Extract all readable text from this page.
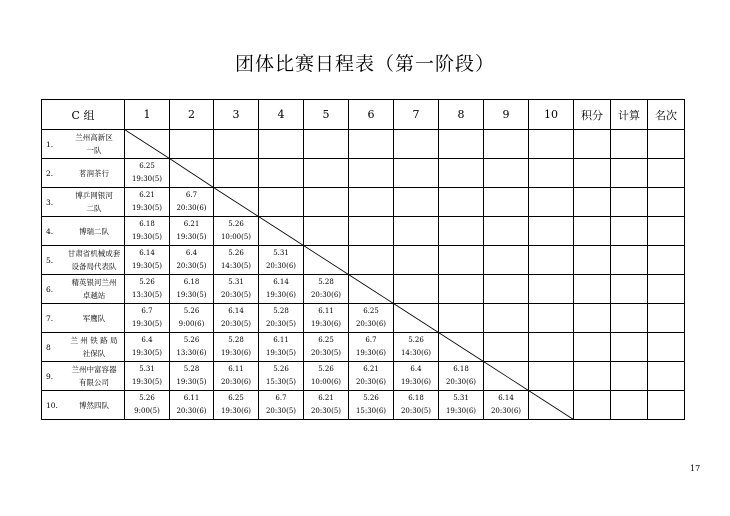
团体比赛日程表（第一阶段）
C 组	1	2	3	4	5	6	7	8	9	10	积分	计算	名次

1.
兰州高新区
一队													

2. 茗润茶行	6.25
19:30(5)												

3.
博乒网银河
二队	6.21
19:30(5)	6.7
20:30(6)											

4. 博瑞二队	6.18
19:30(5)	6.21
19:30(5)	5.26
10:00(5)										

5.
甘肃省机械成套
设备局代表队	6.14
19:30(5)	6.4
20:30(5)	5.26
14:30(5)	5.31
20:30(6)									

6.
精英银河兰州
卓越站	5.26
13:30(5)	6.18
19:30(5)	5.31
20:30(5)	6.14
19:30(6)	5.28
20:30(6)								

7. 军鹰队	6.7
19:30(5)	5.26
9:00(6)	6.14
20:30(5)	5.28
20:30(5)	6.11
19:30(6)	6.25
20:30(6)							

8
兰 州 铁 路 局
社保队	6.4
19:30(5)	5.26
13:30(6)	5.28
19:30(6)	6.11
19:30(5)	6.25
20:30(5)	6.7
19:30(6)	5.26
14:30(6)						

9.
兰州中富容器
有限公司	5.31
19:30(5)	5.28
19:30(5)	6.11
20:30(6)	5.26
15:30(5)	5.26
10:00(6)	6.21
20:30(6)	6.4
19:30(6)	6.18
20:30(6)					

10. 博然四队	5.26
9:00(5)	6.11
20:30(6)	6.25
19:30(6)	6.7
20:30(5)	6.21
20:30(5)	5.26
15:30(6)	6.18
20:30(5)	5.31
19:30(6)	6.14
20:30(6)				

17
